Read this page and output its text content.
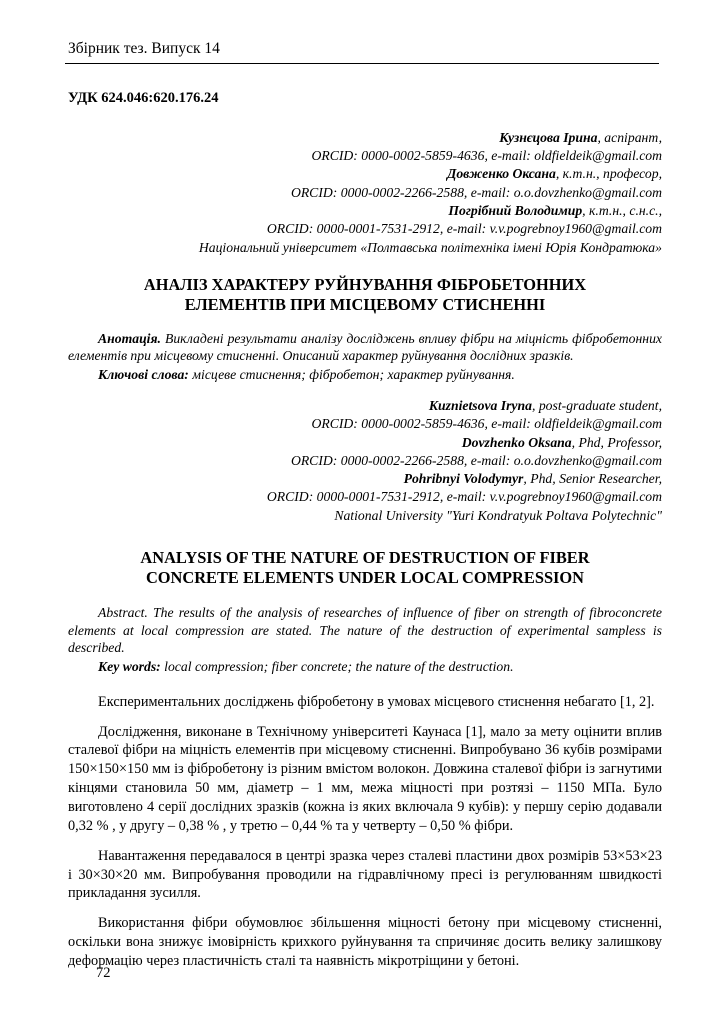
Збірник тез. Випуск 14
УДК 624.046:620.176.24
Кузнєцова Ірина, аспірант,
ORCID: 0000-0002-5859-4636, e-mail: oldfieldeik@gmail.com
Довженко Оксана, к.т.н., професор,
ORCID: 0000-0002-2266-2588, e-mail: o.o.dovzhenko@gmail.com
Погрібний Володимир, к.т.н., с.н.с.,
ORCID: 0000-0001-7531-2912, e-mail: v.v.pogrebnoy1960@gmail.com
Національний університет «Полтавська політехніка імені Юрія Кондратюка»
АНАЛІЗ ХАРАКТЕРУ РУЙНУВАННЯ ФІБРОБЕТОННИХ
ЕЛЕМЕНТІВ ПРИ МІСЦЕВОМУ СТИСНЕННІ
Анотація. Викладені результати аналізу досліджень впливу фібри на міцність фібробетонних елементів при місцевому стисненні. Описаний характер руйнування дослідних зразків.
Ключові слова: місцеве стиснення; фібробетон; характер руйнування.
Kuznietsova Iryna, post-graduate student,
ORCID: 0000-0002-5859-4636, e-mail: oldfieldeik@gmail.com
Dovzhenko Oksana, Phd, Professor,
ORCID: 0000-0002-2266-2588, e-mail: o.o.dovzhenko@gmail.com
Pohribnyi Volodymyr, Phd, Senior Researcher,
ORCID: 0000-0001-7531-2912, e-mail: v.v.pogrebnoy1960@gmail.com
National University "Yuri Kondratyuk Poltava Polytechnic"
ANALYSIS OF THE NATURE OF DESTRUCTION OF FIBER
CONCRETE ELEMENTS UNDER LOCAL COMPRESSION
Abstract. The results of the analysis of researches of influence of fiber on strength of fibroconcrete elements at local compression are stated. The nature of the destruction of experimental sampless is described.
Key words: local compression; fiber concrete; the nature of the destruction.
Експериментальних досліджень фібробетону в умовах місцевого стиснення небагато [1, 2].
Дослідження, виконане в Технічному університеті Каунаса [1], мало за мету оцінити вплив сталевої фібри на міцність елементів при місцевому стисненні. Випробувано 36 кубів розмірами 150×150×150 мм із фібробетону із різним вмістом волокон. Довжина сталевої фібри із загнутими кінцями становила 50 мм, діаметр – 1 мм, межа міцності при розтязі – 1150 МПа. Було виготовлено 4 серії дослідних зразків (кожна із яких включала 9 кубів): у першу серію додавали 0,32 % , у другу – 0,38 % , у третю – 0,44 % та у четверту – 0,50 % фібри.
Навантаження передавалося в центрі зразка через сталеві пластини двох розмірів 53×53×23 і 30×30×20 мм. Випробування проводили на гідравлічному пресі із регулюванням швидкості прикладання зусилля.
Використання фібри обумовлює збільшення міцності бетону при місцевому стисненні, оскільки вона знижує імовірність крихкого руйнування та спричиняє досить велику залишкову деформацію через пластичність сталі та наявність мікротріщини у бетоні.
72
